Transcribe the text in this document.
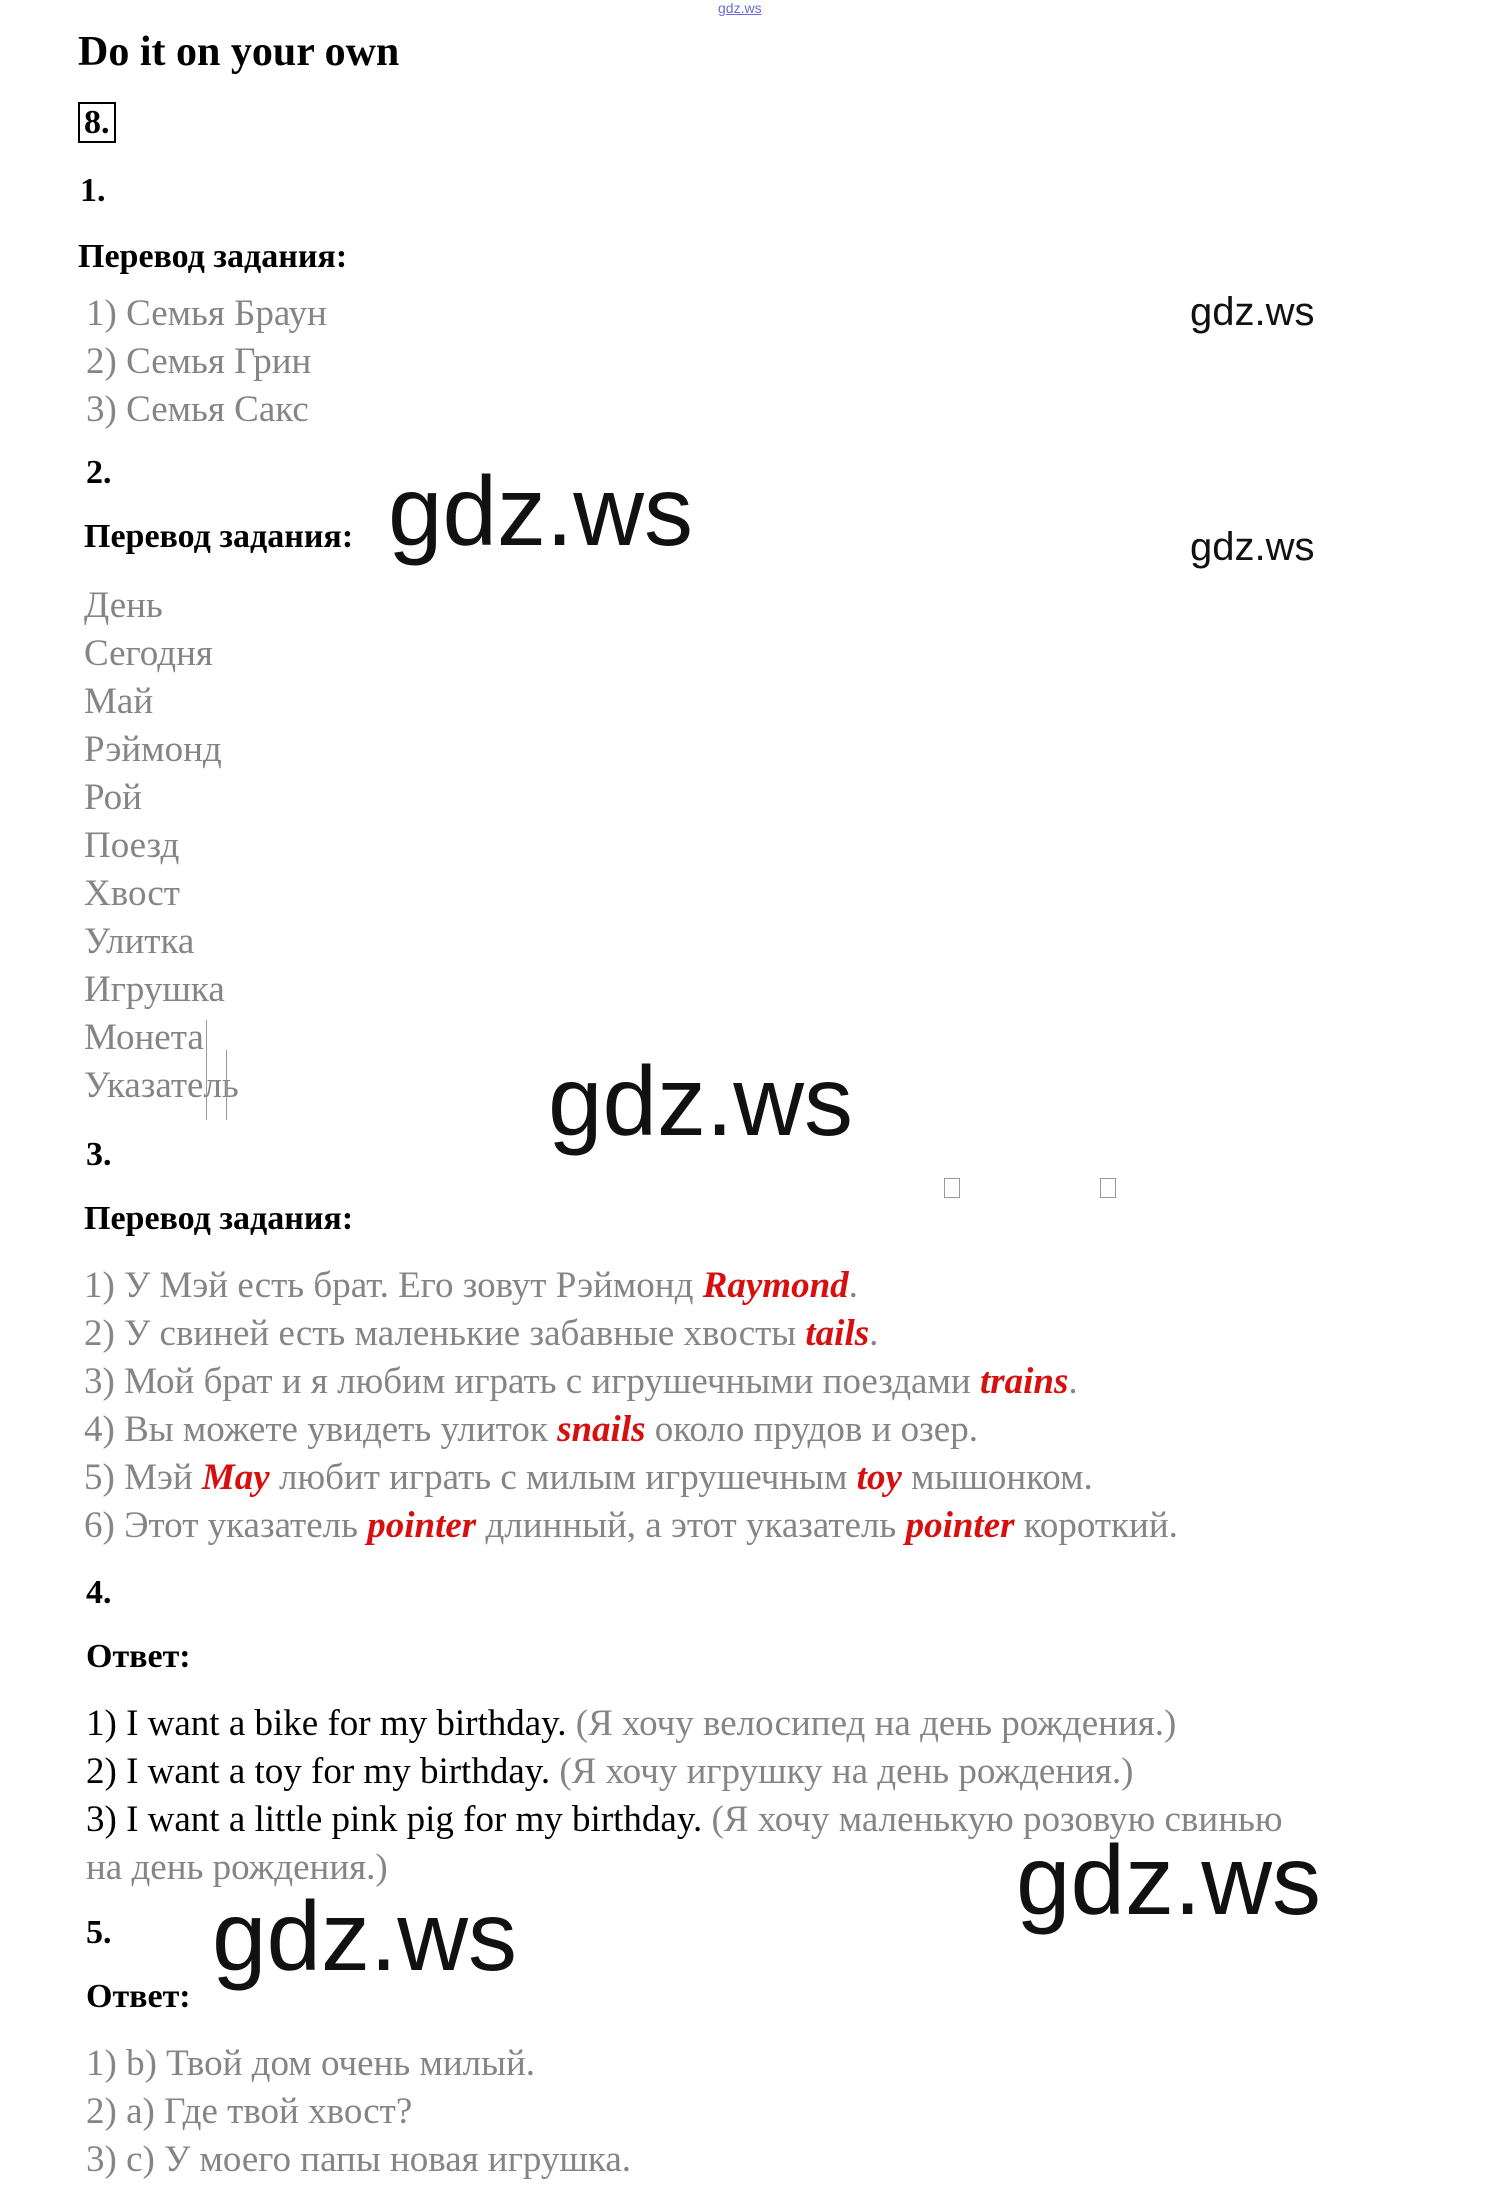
gdz.ws
Do it on your own
8.
1.
Перевод задания:
1) Семья Браун
2) Семья Грин
3) Семья Сакс
2.
Перевод задания:
День
Сегодня
Май
Рэймонд
Рой
Поезд
Хвост
Улитка
Игрушка
Монета
Указатель
3.
Перевод задания:
1) У Мэй есть брат. Его зовут Рэймонд Raymond.
2) У свиней есть маленькие забавные хвосты tails.
3) Мой брат и я любим играть с игрушечными поездами trains.
4) Вы можете увидеть улиток snails около прудов и озер.
5) Мэй May любит играть с милым игрушечным toy мышонком.
6) Этот указатель pointer длинный, а этот указатель pointer короткий.
4.
Ответ:
1) I want a bike for my birthday. (Я хочу велосипед на день рождения.)
2) I want a toy for my birthday. (Я хочу игрушку на день рождения.)
3) I want a little pink pig for my birthday. (Я хочу маленькую розовую свинью
на день рождения.)
5.
Ответ:
1) b) Твой дом очень милый.
2) a) Где твой хвост?
3) c) У моего папы новая игрушка.
gdz.ws
gdz.ws
gdz.ws
gdz.ws
gdz.ws
gdz.ws
